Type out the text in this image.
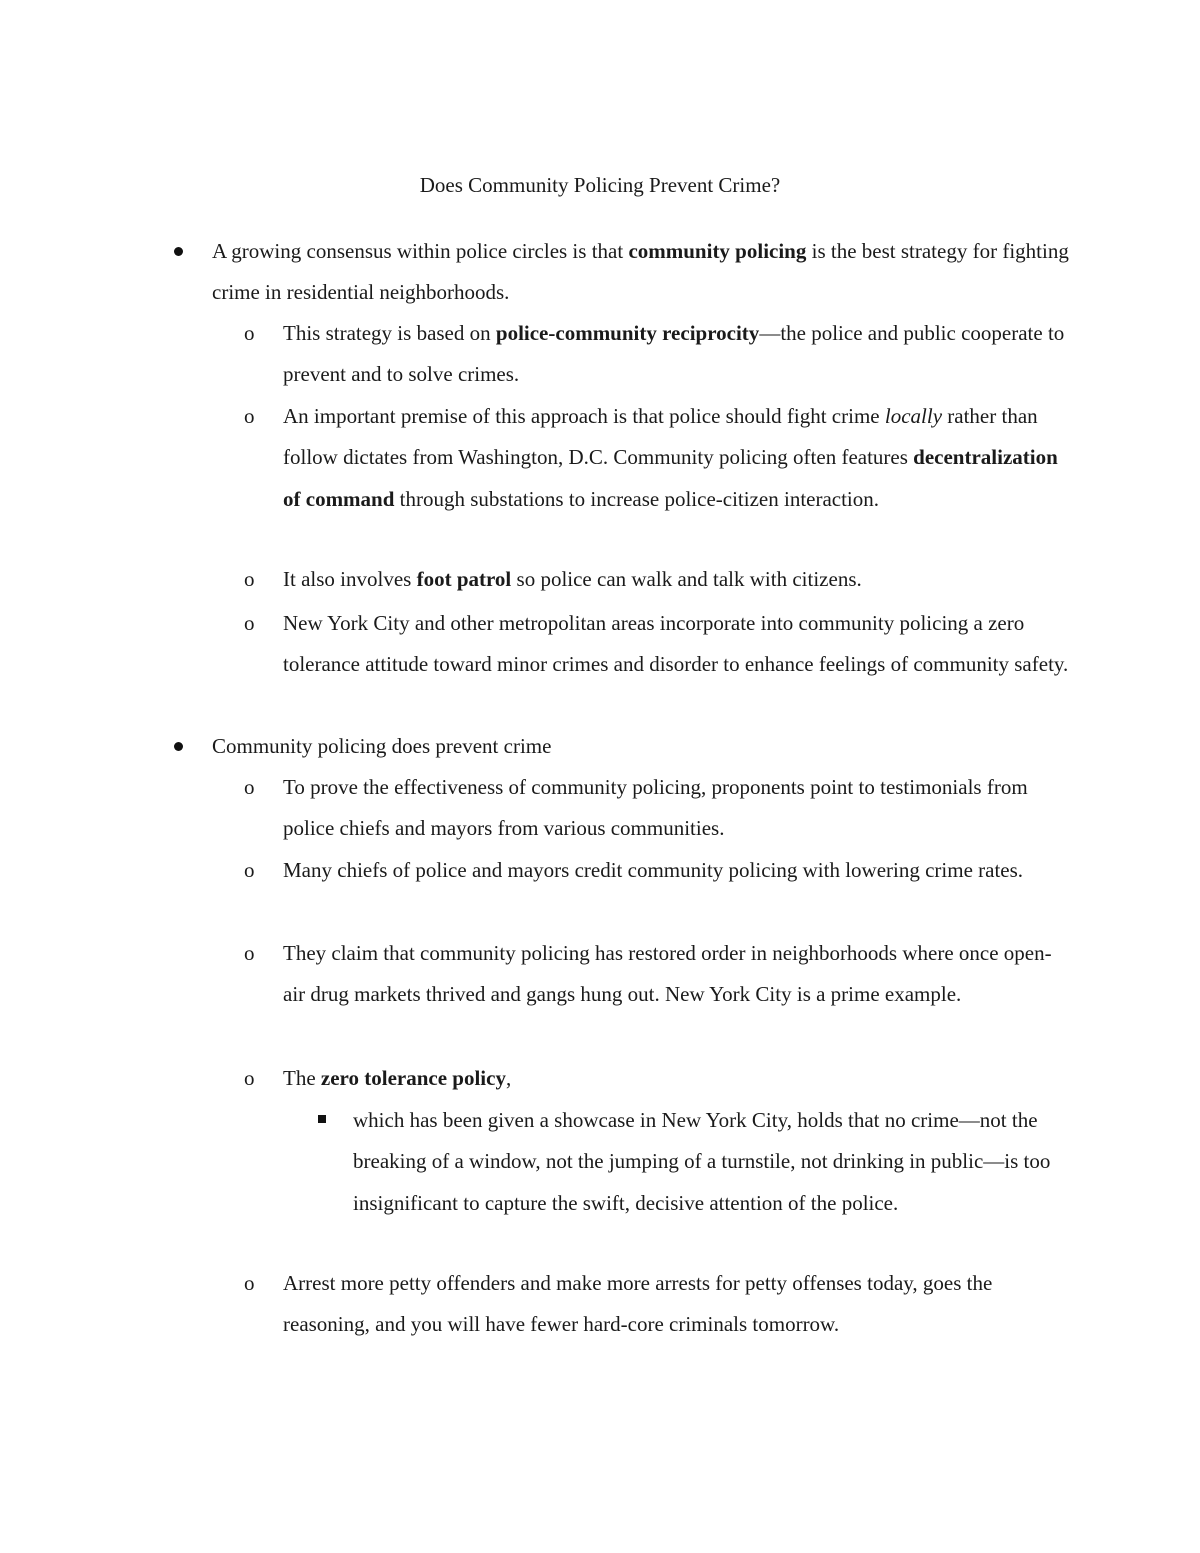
Does Community Policing Prevent Crime?

A growing consensus within police circles is that community policing is the best strategy for fighting crime in residential neighborhoods.

o This strategy is based on police-community reciprocity—the police and public cooperate to prevent and to solve crimes.

o An important premise of this approach is that police should fight crime locally rather than follow dictates from Washington, D.C. Community policing often features decentralization of command through substations to increase police-citizen interaction.

o It also involves foot patrol so police can walk and talk with citizens.

o New York City and other metropolitan areas incorporate into community policing a zero tolerance attitude toward minor crimes and disorder to enhance feelings of community safety.

Community policing does prevent crime

o To prove the effectiveness of community policing, proponents point to testimonials from police chiefs and mayors from various communities.

o Many chiefs of police and mayors credit community policing with lowering crime rates.

o They claim that community policing has restored order in neighborhoods where once open-air drug markets thrived and gangs hung out. New York City is a prime example.

o The zero tolerance policy,

which has been given a showcase in New York City, holds that no crime—not the breaking of a window, not the jumping of a turnstile, not drinking in public—is too insignificant to capture the swift, decisive attention of the police.

o Arrest more petty offenders and make more arrests for petty offenses today, goes the reasoning, and you will have fewer hard-core criminals tomorrow.
